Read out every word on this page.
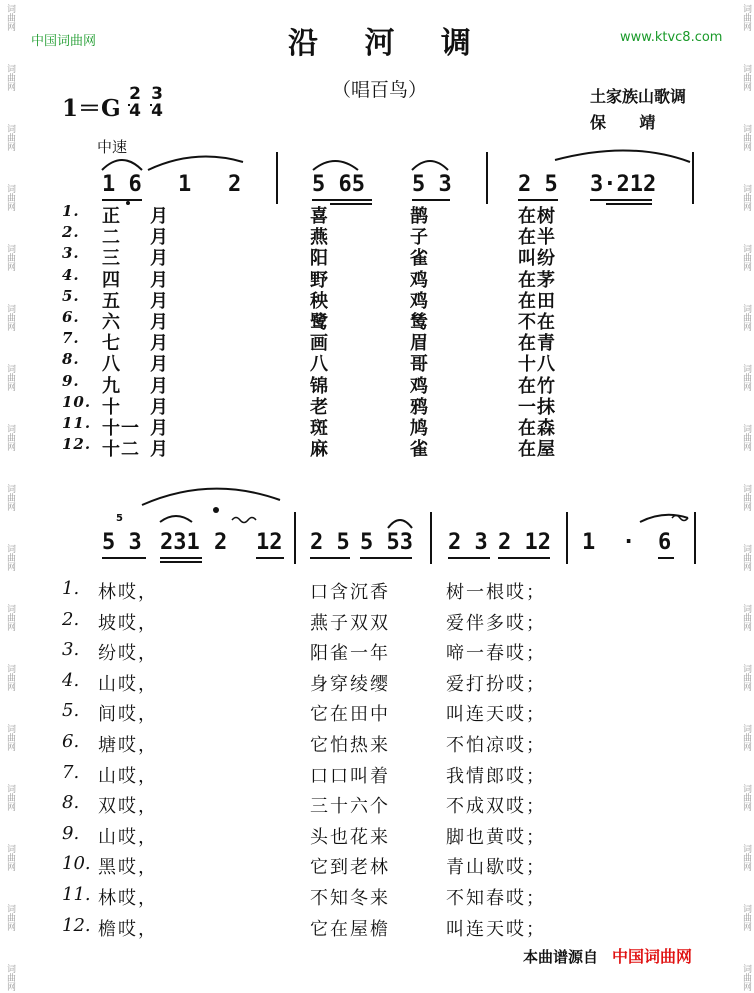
词曲网
词曲网
词曲网
词曲网
词曲网
词曲网
词曲网
词曲网
词曲网
词曲网
词曲网
词曲网
词曲网
词曲网
词曲网
词曲网
词曲网
词曲网
词曲网
词曲网
词曲网
词曲网
词曲网
词曲网
词曲网
词曲网
词曲网
词曲网
词曲网
词曲网
词曲网
词曲网
词曲网
词曲网
中国词曲网	www.ktvc8.com
沿 河 调
（唱百鸟）
1＝G
2
4
3
4
土家族山歌调
保      靖
中速
1 6 1 2	5 65 5 3	2 5 3·212
1. 正 月	喜	鹊	在树
2. 二 月	燕	子	在半
3. 三 月	阳	雀	叫纷
4. 四 月	野	鸡	在茅
5. 五 月	秧	鸡	在田
6. 六 月	鹭	鸶	不在
7. 七 月	画	眉	在青
8. 八 月	八	哥	十八
9. 九 月	锦	鸡	在竹
10. 十 月	老	鸦	一抹
11. 十一 月	斑	鸠	在森
12. 十二 月	麻	雀	在屋
5
5 3 231 2 12 2 5 5 53 2 3 2 12 1 · 6
1. 林哎，	口含沉香	树一根哎；
2. 坡哎，	燕子双双	爱伴多哎；
3. 纷哎，	阳雀一年	啼一春哎；
4. 山哎，	身穿绫缨	爱打扮哎；
5. 间哎，	它在田中	叫连天哎；
6. 塘哎，	它怕热来	不怕凉哎；
7. 山哎，	口口叫着	我情郎哎；
8. 双哎，	三十六个	不成双哎；
9. 山哎，	头也花来	脚也黄哎；
10. 黑哎，	它到老林	青山歇哎；
11. 林哎，	不知冬来	不知春哎；
12. 檐哎，	它在屋檐	叫连天哎；
本曲谱源自 中国词曲网
